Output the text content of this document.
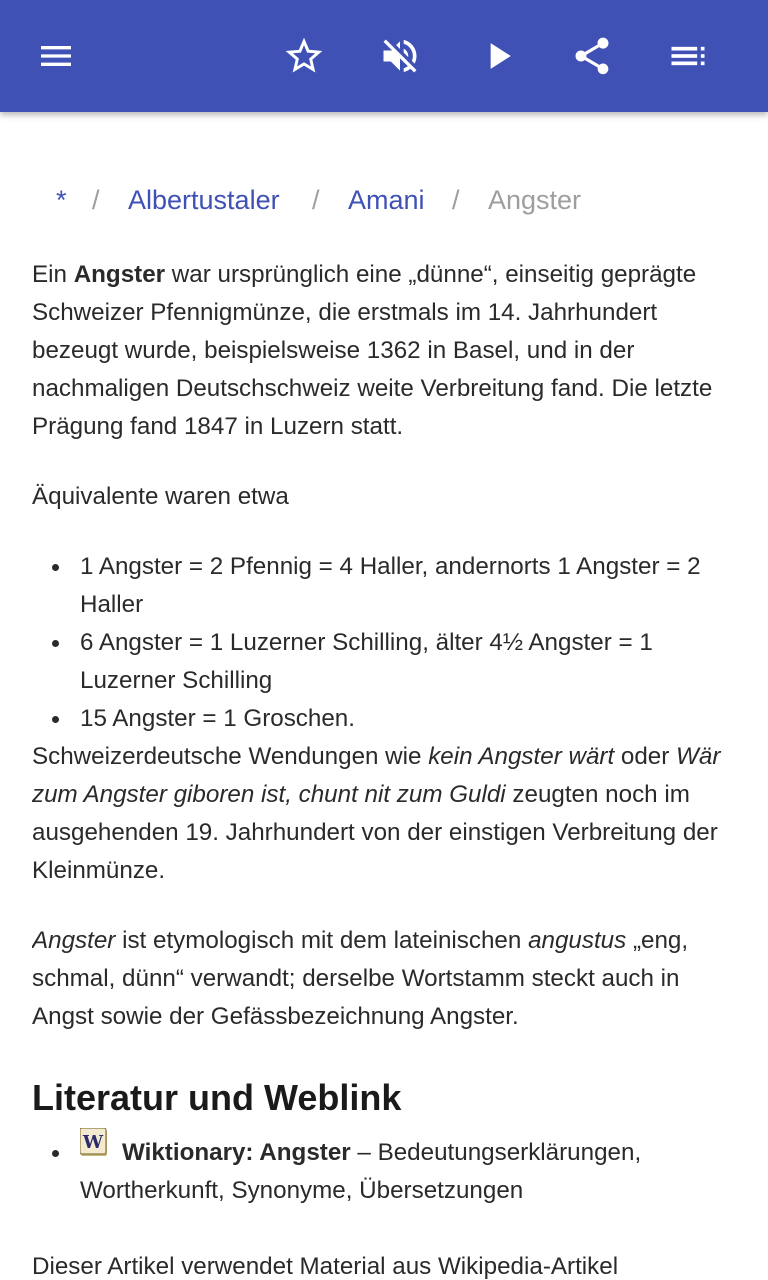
* / Albertustaler / Amani / Angster

Ein Angster war ursprünglich eine „dünne“, einseitig geprägte Schweizer Pfennigmünze, die erstmals im 14. Jahrhundert bezeugt wurde, beispielsweise 1362 in Basel, und in der nachmaligen Deutschschweiz weite Verbreitung fand. Die letzte Prägung fand 1847 in Luzern statt.

Äquivalente waren etwa

1 Angster = 2 Pfennig = 4 Haller, andernorts 1 Angster = 2 Haller
6 Angster = 1 Luzerner Schilling, älter 4½ Angster = 1 Luzerner Schilling
15 Angster = 1 Groschen.

Schweizerdeutsche Wendungen wie kein Angster wärt oder Wär zum Angster giboren ist, chunt nit zum Guldi zeugten noch im ausgehenden 19. Jahrhundert von der einstigen Verbreitung der Kleinmünze.

Angster ist etymologisch mit dem lateinischen angustus „eng, schmal, dünn“ verwandt; derselbe Wortstamm steckt auch in Angst sowie der Gefässbezeichnung Angster.

Literatur und Weblink
W Wiktionary: Angster – Bedeutungserklärungen, Wortherkunft, Synonyme, Übersetzungen

Dieser Artikel verwendet Material aus Wikipedia-Artikel
